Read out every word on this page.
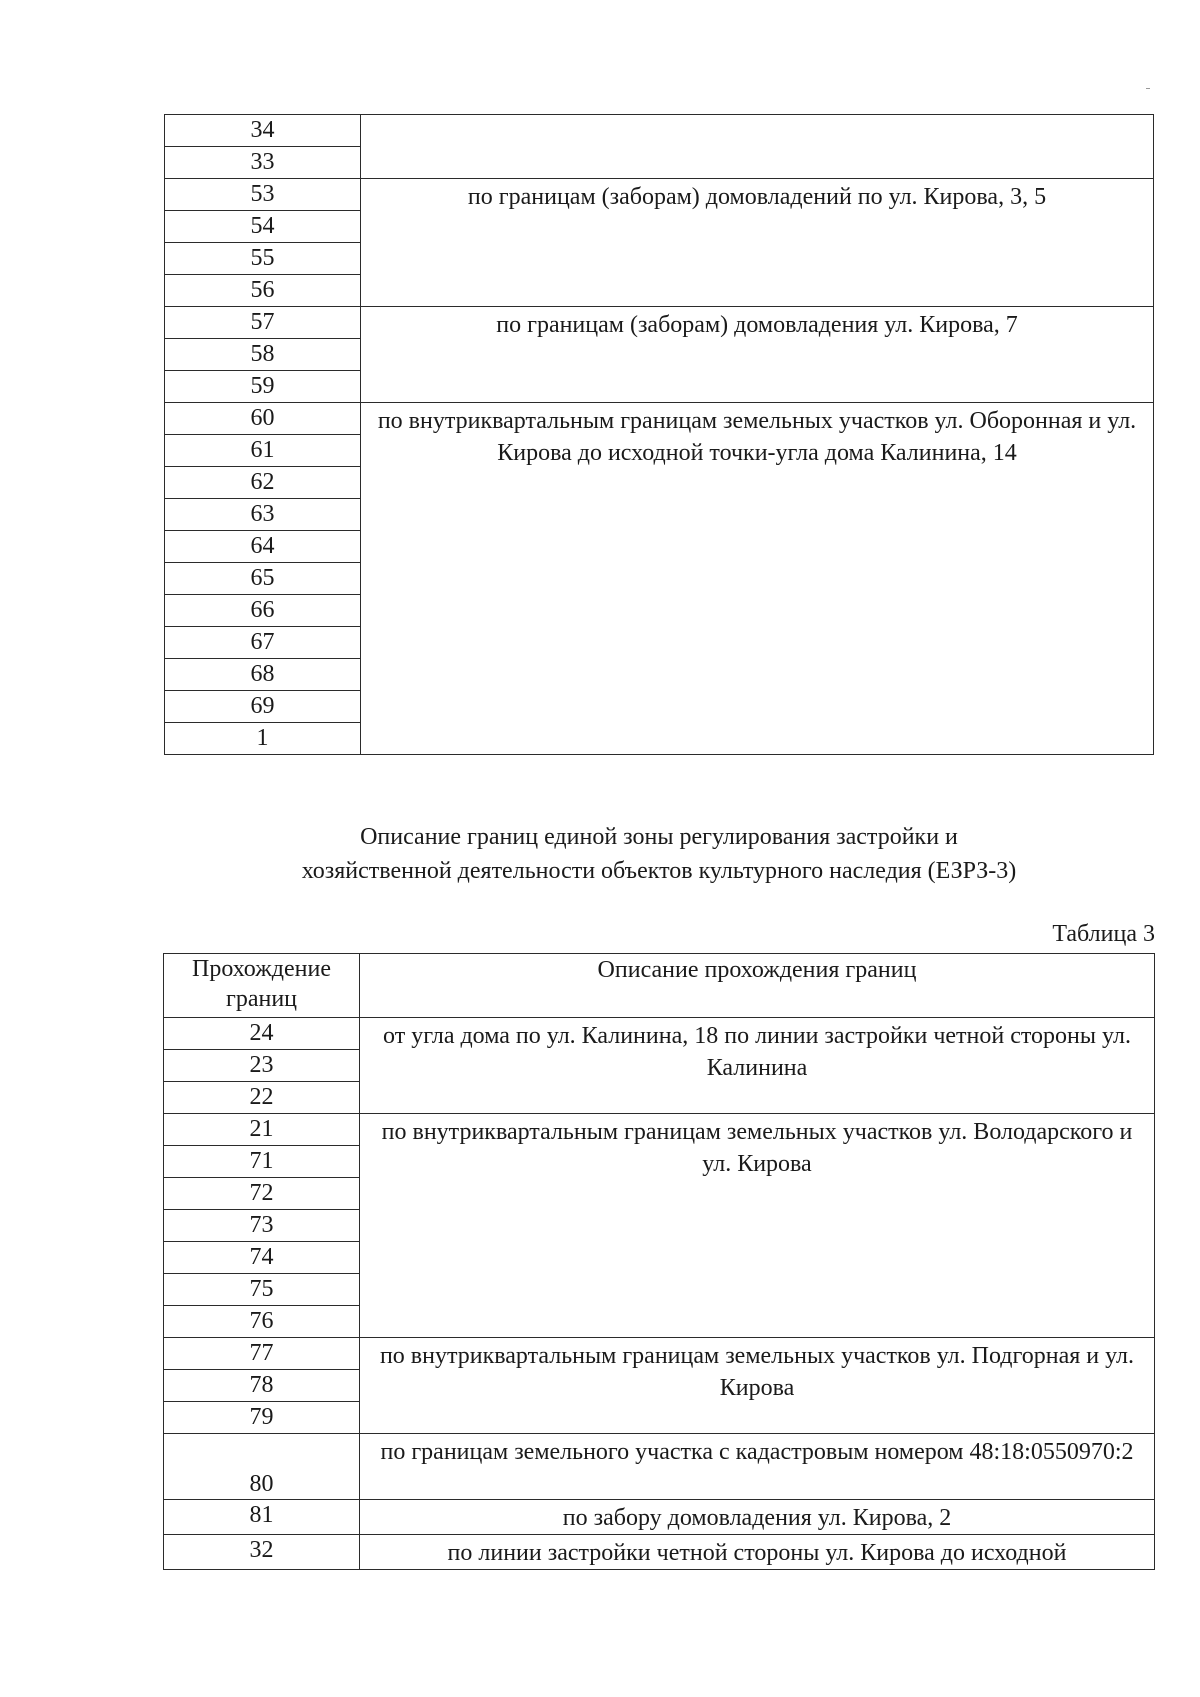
34	
33	
53	по границам (заборам) домовладений по ул. Кирова, 3, 5
54	
55	
56	
57	по границам (заборам) домовладения ул. Кирова, 7
58	
59	
60	по внутриквартальным границам земельных участков ул. Оборонная и ул. Кирова до исходной точки-угла дома Калинина, 14
61	
62	
63	
64	
65	
66	
67	
68	
69	
1	
Описание границ единой зоны регулирования застройки и
хозяйственной деятельности объектов культурного наследия (ЕЗРЗ-3)
Таблица 3
Прохождение границ	Описание прохождения границ
24	от угла дома по ул. Калинина, 18 по линии застройки четной стороны ул. Калинина
23	
22	
21	по внутриквартальным границам земельных участков ул. Володарского и ул. Кирова
71	
72	
73	
74	
75	
76	
77	по внутриквартальным границам земельных участков ул. Подгорная и ул. Кирова
78	
79	
80	по границам земельного участка с кадастровым номером 48:18:0550970:2
81	по забору домовладения ул. Кирова, 2
32	по линии застройки четной стороны ул. Кирова до исходной
